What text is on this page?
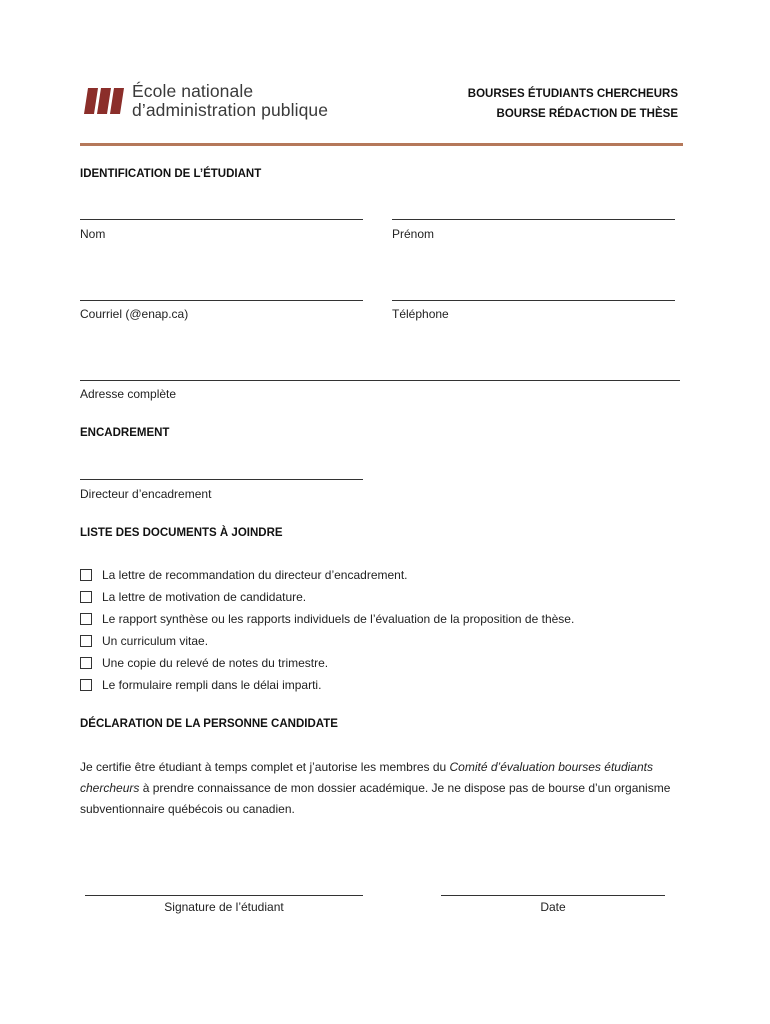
École nationale
d’administration publique
BOURSES ÉTUDIANTS CHERCHEURS
BOURSE RÉDACTION DE THÈSE
IDENTIFICATION DE L’ÉTUDIANT
Nom	Prénom
Courriel (@enap.ca)	Téléphone
Adresse complète
ENCADREMENT
Directeur d’encadrement
LISTE DES DOCUMENTS À JOINDRE
La lettre de recommandation du directeur d’encadrement.
La lettre de motivation de candidature.
Le rapport synthèse ou les rapports individuels de l’évaluation de la proposition de thèse.
Un curriculum vitae.
Une copie du relevé de notes du trimestre.
Le formulaire rempli dans le délai imparti.
DÉCLARATION DE LA PERSONNE CANDIDATE
Je certifie être étudiant à temps complet et j’autorise les membres du Comité d’évaluation bourses étudiants chercheurs à prendre connaissance de mon dossier académique. Je ne dispose pas de bourse d’un organisme subventionnaire québécois ou canadien.
Signature de l’étudiant	Date
